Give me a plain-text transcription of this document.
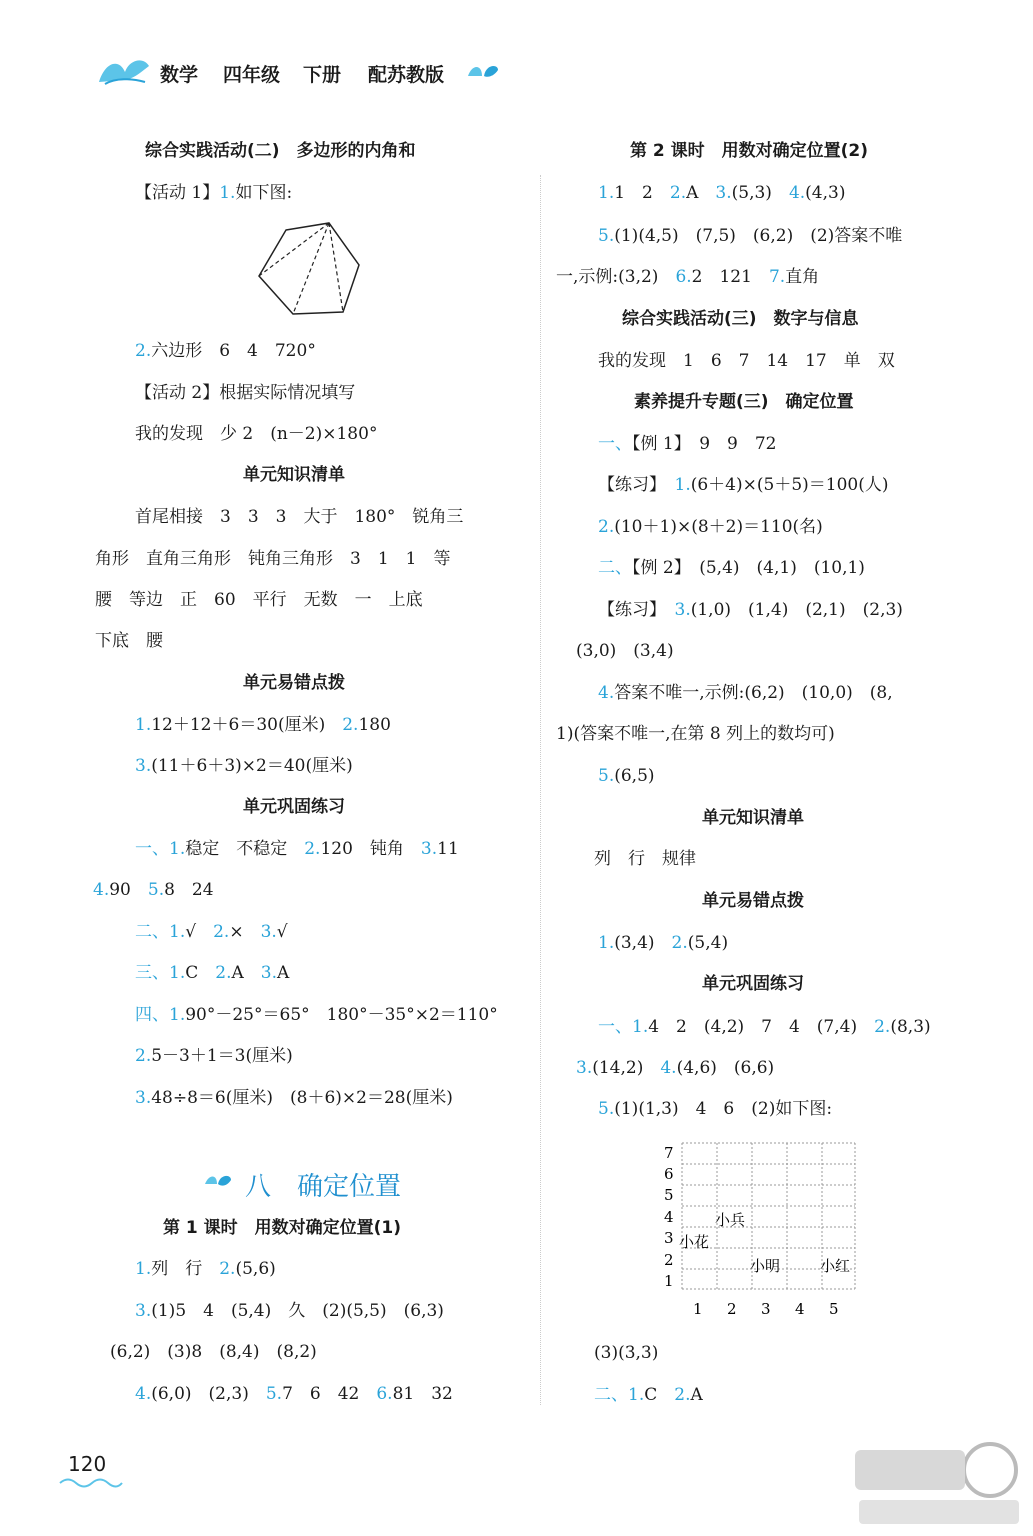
数学 四年级 下册 配苏教版
综合实践活动(二)　多边形的内角和
【活动 1】1.如下图:
2.六边形　6　4　720°
【活动 2】根据实际情况填写
我的发现　少 2　(n－2)×180°
单元知识清单
首尾相接　3　3　3　大于　180°　锐角三
角形　直角三角形　钝角三角形　3　1　1　等
腰　等边　正　60　平行　无数　一　上底
下底　腰
单元易错点拨
1.12＋12＋6＝30(厘米)　2.180
3.(11＋6＋3)×2＝40(厘米)
单元巩固练习
一、1.稳定　不稳定　2.120　钝角　3.11
4.90　5.8　24
二、1.√　2.×　3.√
三、1.C　2.A　3.A
四、1.90°－25°＝65°　180°－35°×2＝110°
2.5－3＋1＝3(厘米)
3.48÷8＝6(厘米)　(8＋6)×2＝28(厘米)
八　确定位置
第 1 课时　用数对确定位置(1)
1.列　行　2.(5,6)
3.(1)5　4　(5,4)　久　(2)(5,5)　(6,3)
(6,2)　(3)8　(8,4)　(8,2)
4.(6,0)　(2,3)　5.7　6　42　6.81　32
第 2 课时　用数对确定位置(2)
1.1　2　2.A　3.(5,3)　4.(4,3)
5.(1)(4,5)　(7,5)　(6,2)　(2)答案不唯
一,示例:(3,2)　6.2　121　7.直角
综合实践活动(三)　数字与信息
我的发现　1　6　7　14　17　单　双
素养提升专题(三)　确定位置
一、【例 1】　9　9　72
【练习】　1.(6＋4)×(5＋5)＝100(人)
2.(10＋1)×(8＋2)＝110(名)
二、【例 2】　(5,4)　(4,1)　(10,1)
【练习】　3.(1,0)　(1,4)　(2,1)　(2,3)
(3,0)　(3,4)
4.答案不唯一,示例:(6,2)　(10,0)　(8,
1)(答案不唯一,在第 8 列上的数均可)
5.(6,5)
单元知识清单
列　行　规律
单元易错点拨
1.(3,4)　2.(5,4)
单元巩固练习
一、1.4　2　(4,2)　7　4　(7,4)　2.(8,3)
3.(14,2)　4.(4,6)　(6,6)
5.(1)(1,3)　4　6　(2)如下图:
7
6
5
4
3
2
1
1 2 3 4 5
小兵
小花
小明	小红
(3)(3,3)
二、1.C　2.A
120
